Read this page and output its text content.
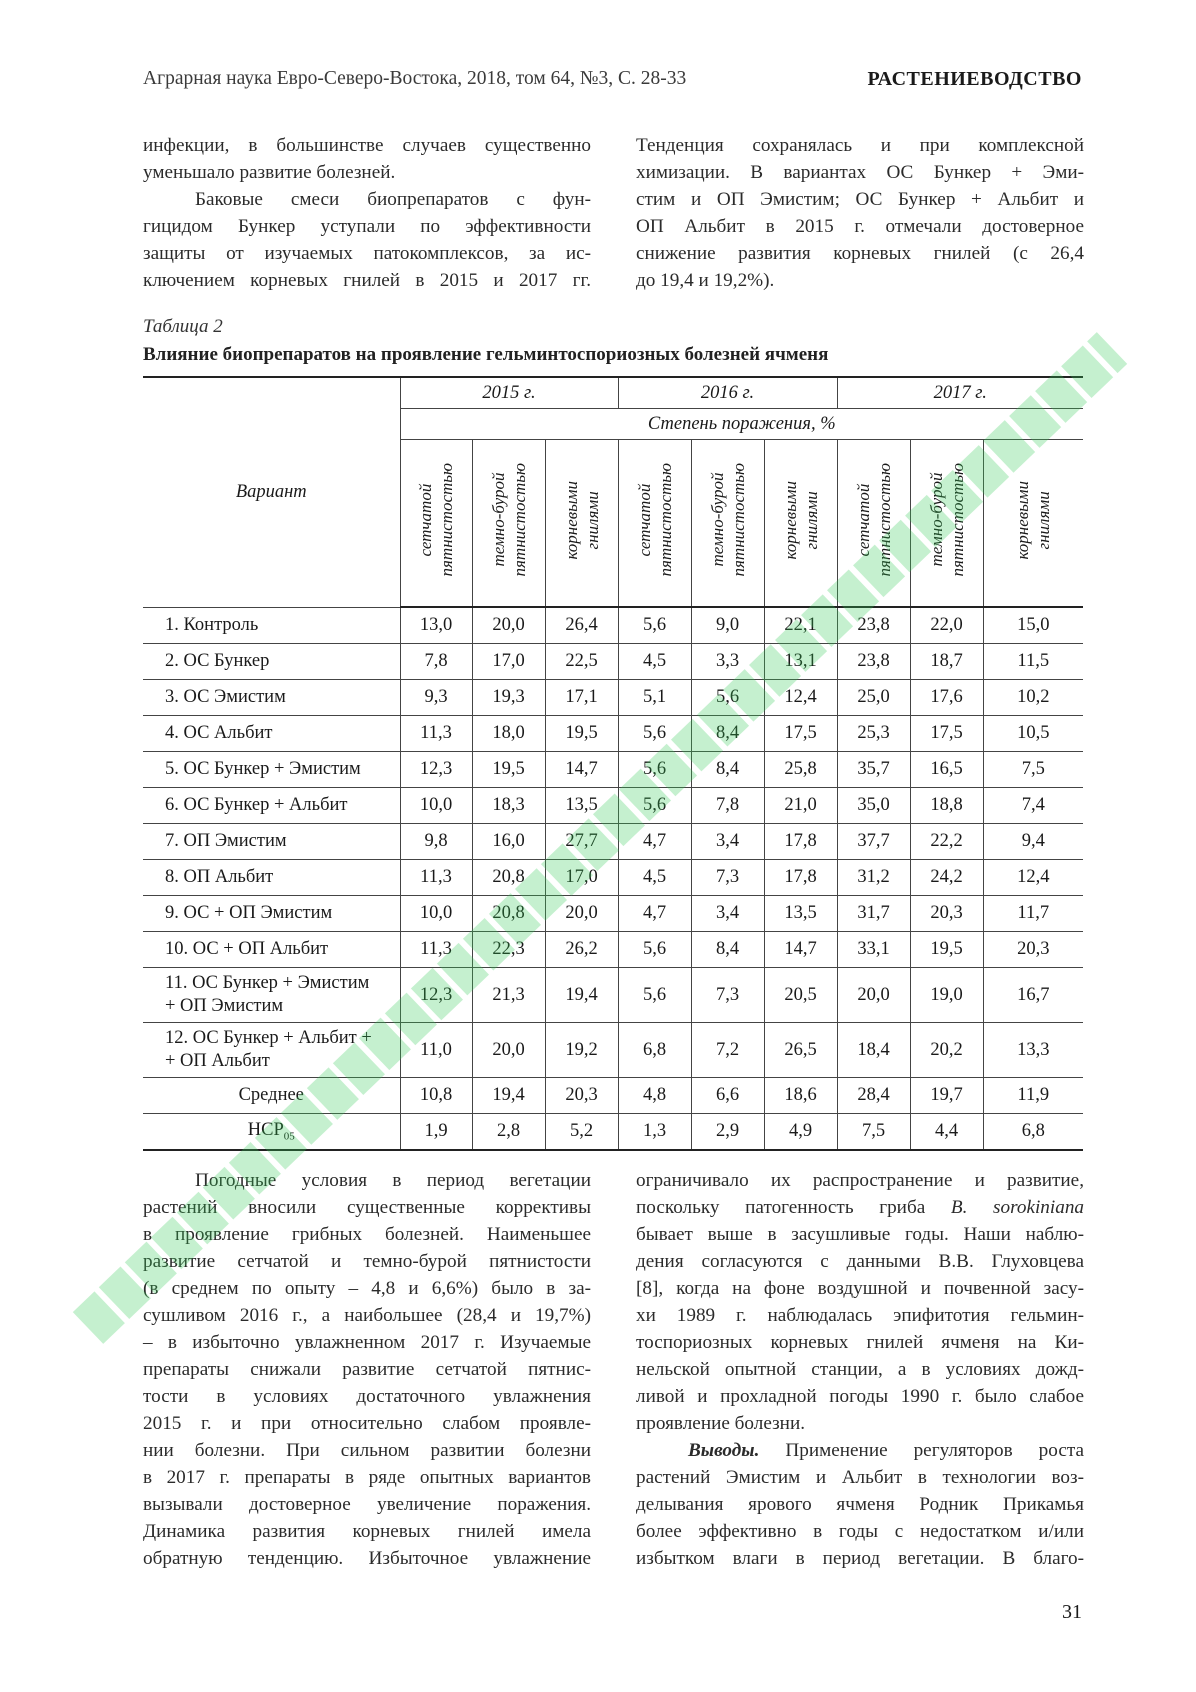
Аграрная наука Евро-Северо-Востока, 2018, том 64, №3, С. 28-33	РАСТЕНИЕВОДСТВО
инфекции, в большинстве случаев существенно
уменьшало развитие болезней.
Баковые смеси биопрепаратов с фун-
гицидом Бункер уступали по эффективности
защиты от изучаемых патокомплексов, за ис-
ключением корневых гнилей в 2015 и 2017 гг.
Тенденция сохранялась и при комплексной
химизации. В вариантах ОС Бункер + Эми-
стим и ОП Эмистим; ОС Бункер + Альбит и
ОП Альбит в 2015 г. отмечали достоверное
снижение развития корневых гнилей (с 26,4
до 19,4 и 19,2%).
Таблица 2
Влияние биопрепаратов на проявление гельминтоспориозных болезней ячменя
Вариант	2015 г.			2016 г.			2017 г.		
	Степень поражения, %								
	сетчатой пятнистостью	темно-бурой пятнистостью	корневыми гнилями	сетчатой пятнистостью	темно-бурой пятнистостью	корневыми гнилями	сетчатой пятнистостью	темно-бурой пятнистостью	корневыми гнилями
1. Контроль	13,0	20,0	26,4	5,6	9,0	22,1	23,8	22,0	15,0
2. ОС Бункер	7,8	17,0	22,5	4,5	3,3	13,1	23,8	18,7	11,5
3. ОС Эмистим	9,3	19,3	17,1	5,1	5,6	12,4	25,0	17,6	10,2
4. ОС Альбит	11,3	18,0	19,5	5,6	8,4	17,5	25,3	17,5	10,5
5. ОС Бункер + Эмистим	12,3	19,5	14,7	5,6	8,4	25,8	35,7	16,5	7,5
6. ОС Бункер + Альбит	10,0	18,3	13,5	5,6	7,8	21,0	35,0	18,8	7,4
7. ОП Эмистим	9,8	16,0	27,7	4,7	3,4	17,8	37,7	22,2	9,4
8. ОП Альбит	11,3	20,8	17,0	4,5	7,3	17,8	31,2	24,2	12,4
9. ОС + ОП Эмистим	10,0	20,8	20,0	4,7	3,4	13,5	31,7	20,3	11,7
10. ОС + ОП Альбит	11,3	22,3	26,2	5,6	8,4	14,7	33,1	19,5	20,3

11. ОС Бункер + Эмистим
+ ОП Эмистим	12,3	21,3	19,4	5,6	7,3	20,5	20,0	19,0	16,7

12. ОС Бункер + Альбит +
+ ОП Альбит	11,0	20,0	19,2	6,8	7,2	26,5	18,4	20,2	13,3
Среднее	10,8	19,4	20,3	4,8	6,6	18,6	28,4	19,7	11,9
$НСР_{05}$	1,9	2,8	5,2	1,3	2,9	4,9	7,5	4,4	6,8
Погодные условия в период вегетации
растений вносили существенные коррективы
в проявление грибных болезней. Наименьшее
развитие сетчатой и темно-бурой пятнистости
(в среднем по опыту – 4,8 и 6,6%) было в за-
сушливом 2016 г., а наибольшее (28,4 и 19,7%)
– в избыточно увлажненном 2017 г. Изучаемые
препараты снижали развитие сетчатой пятнис-
тости в условиях достаточного увлажнения
2015 г. и при относительно слабом проявле-
нии болезни. При сильном развитии болезни
в 2017 г. препараты в ряде опытных вариантов
вызывали достоверное увеличение поражения.
Динамика развития корневых гнилей имела
обратную тенденцию. Избыточное увлажнение
ограничивало их распространение и развитие,
поскольку патогенность гриба B. sorokiniana
бывает выше в засушливые годы. Наши наблю-
дения согласуются с данными В.В. Глуховцева
[8], когда на фоне воздушной и почвенной засу-
хи 1989 г. наблюдалась эпифитотия гельмин-
тоспориозных корневых гнилей ячменя на Ки-
нельской опытной станции, а в условиях дожд-
ливой и прохладной погоды 1990 г. было слабое
проявление болезни.
Выводы. Применение регуляторов роста
растений Эмистим и Альбит в технологии воз-
делывания ярового ячменя Родник Прикамья
более эффективно в годы с недостатком и/или
избытком влаги в период вегетации. В благо-
31
